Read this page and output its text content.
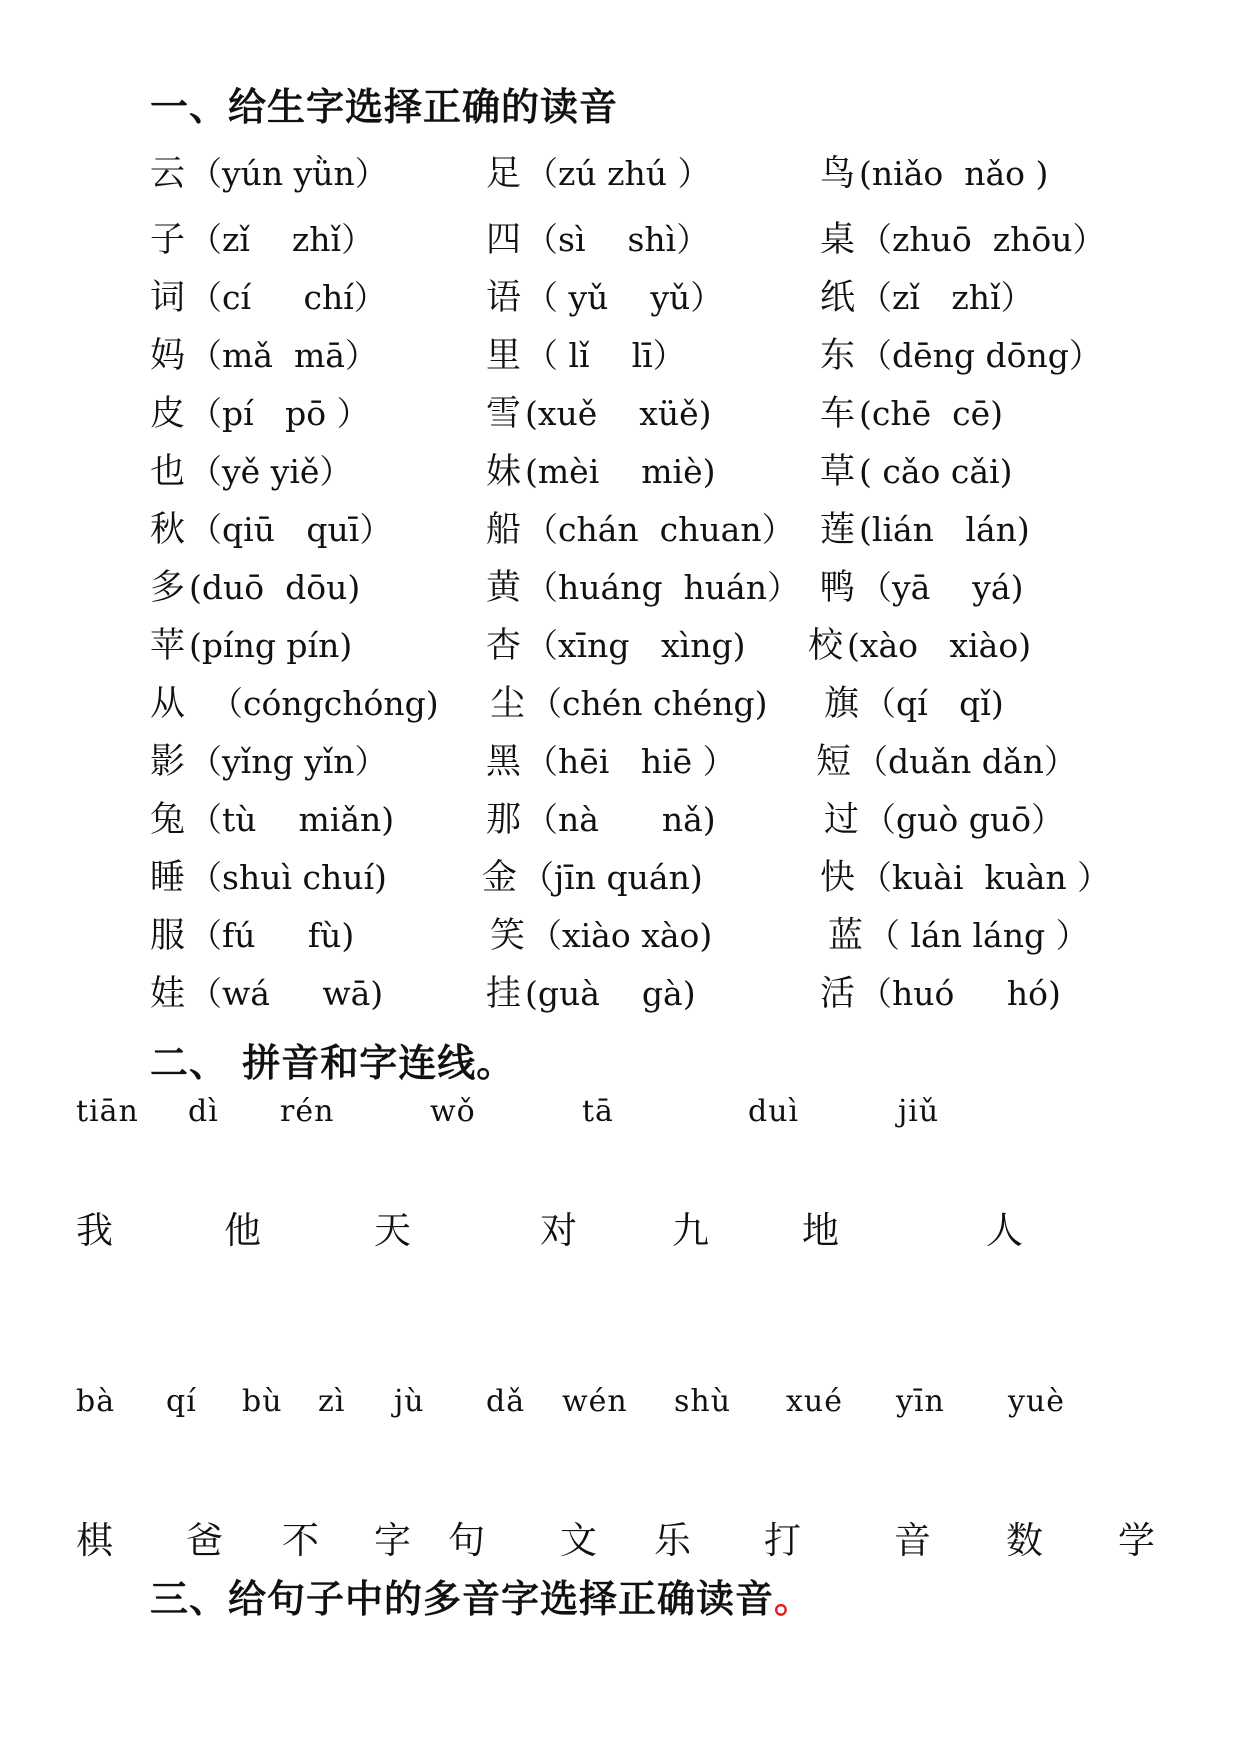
一、给生字选择正确的读音
云 （yún yǜn）	足 （zú zhú ）	鸟 (niǎo  nǎo )
子 （zǐ    zhǐ）	四 （sì    shì）	桌 （zhuō  zhōu）
词 （cí     chí）	语 （ yǔ    yǔ）	纸 （zǐ   zhǐ）
妈 （mǎ  mā）	里 （ lǐ    lī）	东 （dēng dōng）
皮 （pí   pō ）	雪 (xuě    xüě)	车 (chē  cē)
也 （yě yiě）	妹 (mèi    miè)	草 ( cǎo cǎi)
秋 （qiū   quī）	船 （chán  chuan） 莲 (lián   lán)
多 (duō  dōu)	黄 （huáng  huán） 鸭 （yā    yá)
苹 (píng pín)	杏 （xīng   xìng) 校 (xào   xiào)
从  （cóngchóng) 尘 （chén chéng) 旗 （qí   qǐ)
影 （yǐng yǐn）	黑 （hēi   hiē ） 短 （duǎn dǎn）
兔 （tù    miǎn)	那 （nà      nǎ)	过 （guò guō）
睡 （shuì chuí)	金 （jīn quán)	快 （kuài  kuàn ）
服 （fú     fù)	笑 （xiào xào)	蓝 （ lán láng ）
娃 （wá     wā)	挂 (guà    gà)	活 （huó     hó)
二、 拼音和字连线。
tiān dì rén	wǒ	tā	duì	jiǔ
我	他	天	对	九	地	人
bà qí bù zì jù dǎ wén shù xué yīn yuè
棋 爸 不 字 句 文 乐 打	音 数 学
三、给句子中的多音字选择正确读音。
